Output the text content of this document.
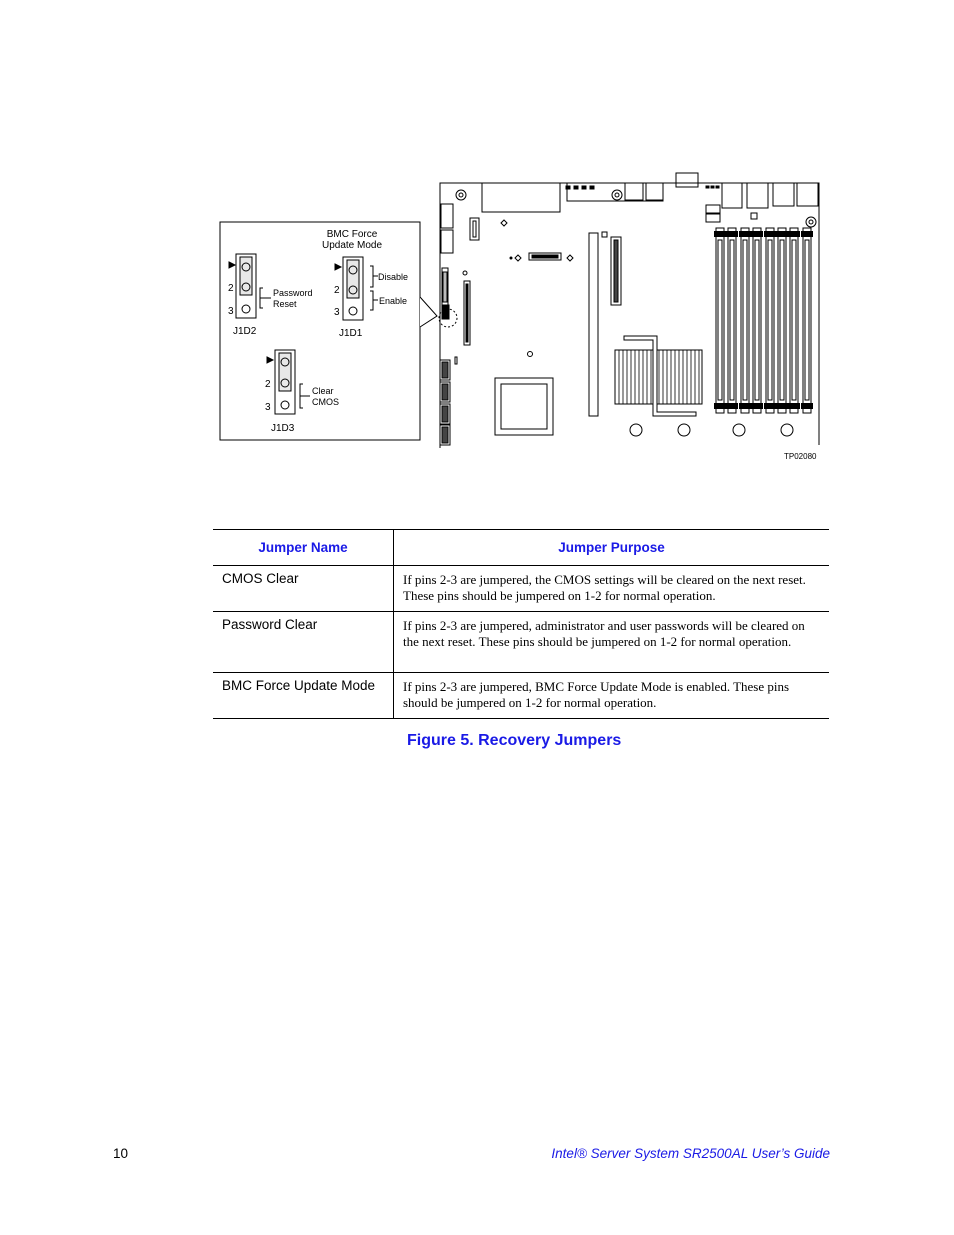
BMC Force
Update Mode
2
3
Password
Reset
J1D2
2
3
Disable
Enable
J1D1
2
3
Clear
CMOS
J1D3
TP02080
Jumper Name	Jumper Purpose
CMOS Clear	If pins 2-3 are jumpered, the CMOS settings will be cleared on the next reset. These pins should be jumpered on 1-2 for normal operation.
Password Clear	If pins 2-3 are jumpered, administrator and user passwords will be cleared on the next reset. These pins should be jumpered on 1-2 for normal operation.
BMC Force Update Mode	If pins 2-3 are jumpered, BMC Force Update Mode is enabled. These pins should be jumpered on 1-2 for normal operation.
Figure 5. Recovery Jumpers
10	Intel® Server System SR2500AL User’s Guide
